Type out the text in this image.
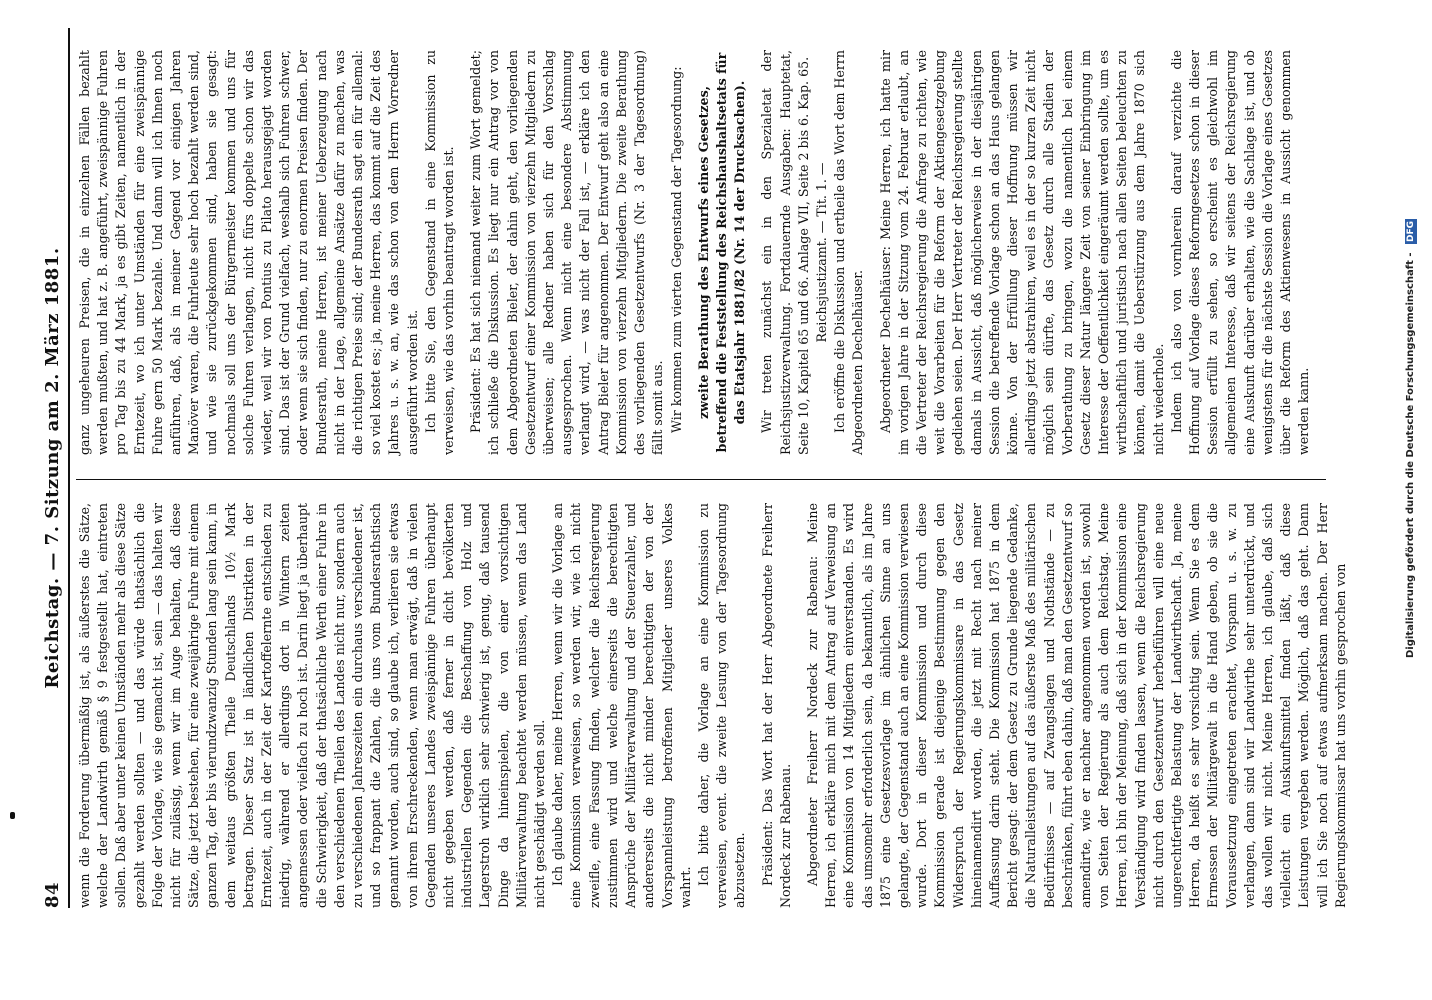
84
Reichstag. — 7. Sitzung am 2. März 1881.

wenn die Forderung übermäßig ist, als äußerstes die Sätze, welche der Landwirth gemäß § 9 festgestellt hat, eintreten sollen. Daß aber unter keinen Umständen mehr als diese Sätze gezahlt werden sollten — und das würde thatsächlich die Folge der Vorlage, wie sie gemacht ist, sein — das halten wir nicht für zulässig, wenn wir im Auge behalten, daß diese Sätze, die jetzt bestehen, für eine zweijährige Fuhre mit einem ganzen Tag, der bis vierundzwanzig Stunden lang sein kann, in dem weitaus größten Theile Deutschlands 10½ Mark betragen. Dieser Satz ist in ländlichen Distrikten in der Erntezeit, auch in der Zeit der Kartoffelernte entschieden zu niedrig, während er allerdings dort in Wintern zeiten angemessen oder vielfach zu hoch ist. Darin liegt ja überhaupt die Schwierigkeit, daß der thatsächliche Werth einer Fuhre in den verschiedenen Theilen des Landes nicht nur, sondern auch zu verschiedenen Jahreszeiten ein durchaus verschiedener ist, und so frappant die Zahlen, die uns vom Bundesrathstisch genannt worden, auch sind, so glaube ich, verlieren sie etwas von ihrem Erschreckenden, wenn man erwägt, daß in vielen Gegenden unseres Landes zweispännige Fuhren überhaupt nicht gegeben werden, daß ferner in dicht bevölkerten industriellen Gegenden die Beschaffung von Holz und Lagerstroh wirklich sehr schwierig ist, genug, daß tausend Dinge da hineinspielen, die von einer vorsichtigen Militärverwaltung beachtet werden müssen, wenn das Land nicht geschädigt werden soll. Ich glaube daher, meine Herren, wenn wir die Vorlage an eine Kommission verweisen, so werden wir, wie ich nicht zweifle, eine Fassung finden, welcher die Reichsregierung zustimmen wird und welche einerseits die berechtigten Ansprüche der Militärverwaltung und der Steuerzahler, und andererseits die nicht minder berechtigten der von der Vorspannleistung betroffenen Mitglieder unseres Volkes wahrt.

Ich bitte daher, die Vorlage an eine Kommission zu verweisen, event. die zweite Lesung von der Tagesordnung abzusetzen. Präsident: Das Wort hat der Herr Abgeordnete Freiherr Nordeck zur Rabenau. Abgeordneter Freiherr Nordeck zur Rabenau: Meine Herren, ich erkläre mich mit dem Antrag auf Verweisung an eine Kommission von 14 Mitgliedern einverstanden. Es wird das umsomehr erforderlich sein, da bekanntlich, als im Jahre 1875 eine Gesetzesvorlage im ähnlichen Sinne an uns gelangte, der Gegenstand auch an eine Kommission verwiesen wurde. Dort in dieser Kommission und durch diese Kommission gerade ist diejenige Bestimmung gegen den Widerspruch der Regierungskommissare in das Gesetz hineinamendirt worden, die jetzt mit Recht nach meiner Auffassung darin steht. Die Kommission hat 1875 in dem Bericht gesagt: der dem Gesetz zu Grunde liegende Gedanke, die Naturalleistungen auf das äußerste Maß des militärischen Bedürfnisses — auf Zwangslagen und Nothstände — zu beschränken, führt eben dahin, daß man den Gesetzentwurf so amendirte, wie er nachher angenommen worden ist, sowohl von Seiten der Regierung als auch dem Reichstag. Meine Herren, ich bin der Meinung, daß sich in der Kommission eine Verständigung wird finden lassen, wenn die Reichsregierung nicht durch den Gesetzentwurf herbeiführen will eine neue ungerechtfertigte Belastung der Landwirthschaft. Ja, meine Herren, da heißt es sehr vorsichtig sein. Wenn Sie es dem Ermessen der Militärgewalt in die Hand geben, ob sie die Voraussetzung eingetreten erachtet, Vorspann u. s. w. zu verlangen, dann sind wir Landwirthe sehr unterdrückt, und das wollen wir nicht. Meine Herren, ich glaube, daß sich vielleicht ein Auskunftsmittel finden läßt, daß diese Leistungen vergeben werden. Möglich, daß das geht. Dann will ich Sie noch auf etwas aufmerksam machen. Der Herr Regierungskommissar hat uns vorhin gesprochen von

ganz ungeheuren Preisen, die in einzelnen Fällen bezahlt werden mußten, und hat z. B. angeführt, zweispännige Fuhren pro Tag bis zu 44 Mark, ja es gibt Zeiten, namentlich in der Erntezeit, wo ich unter Umständen für eine zweispännige Fuhre gern 50 Mark bezahle. Und dann will ich Ihnen noch anführen, daß, als in meiner Gegend vor einigen Jahren Manöver waren, die Fuhrleute sehr hoch bezahlt werden sind, und wie sie zurückgekommen sind, haben sie gesagt: nochmals soll uns der Bürgermeister kommen und uns für solche Fuhren verlangen, nicht fürs doppelte schon wir das wieder, weil wir von Pontius zu Pilato herausgejagt worden sind. Das ist der Grund vielfach, weshalb sich Fuhren schwer, oder wenn sie sich finden, nur zu enormen Preisen finden. Der Bundesrath, meine Herren, ist meiner Ueberzeugung nach nicht in der Lage, allgemeine Ansätze dafür zu machen, was die richtigen Preise sind; der Bundesrath sagt ein für allemal: so viel kostet es; ja, meine Herren, das kommt auf die Zeit des Jahres u. s. w. an, wie das schon von dem Herrn Vorredner ausgeführt worden ist. Ich bitte Sie, den Gegenstand in eine Kommission zu verweisen, wie das vorhin beantragt worden ist. Präsident: Es hat sich niemand weiter zum Wort gemeldet; ich schließe die Diskussion. Es liegt nur ein Antrag vor von dem Abgeordneten Bieler, der dahin geht, den vorliegenden Gesetzentwurf einer Kommission von vierzehn Mitgliedern zu überweisen; alle Redner haben sich für den Vorschlag ausgesprochen. Wenn nicht eine besondere Abstimmung verlangt wird, — was nicht der Fall ist, — erkläre ich den Antrag Bieler für angenommen. Der Entwurf geht also an eine Kommission von vierzehn Mitgliedern. Die zweite Berathung des vorliegenden Gesetzentwurfs (Nr. 3 der Tagesordnung) fällt somit aus. Wir kommen zum vierten Gegenstand der Tagesordnung: zweite Berathung des Entwurfs eines Gesetzes, betreffend die Feststellung des Reichshaushaltsetats für das Etatsjahr 1881/82 (Nr. 14 der Drucksachen). Wir treten zunächst ein in den Spezialetat der Reichsjustizverwaltung. Fortdauernde Ausgaben: Hauptetat, Seite 10, Kapitel 65 und 66. Anlage VII, Seite 2 bis 6. Kap. 65. Reichsjustizamt. — Tit. 1. — Ich eröffne die Diskussion und ertheile das Wort dem Herrn Abgeordneten Dechelhäuser. Abgeordneter Dechelhäuser: Meine Herren, ich hatte mir im vorigen Jahre in der Sitzung vom 24. Februar erlaubt, an die Vertreter der Reichsregierung die Anfrage zu richten, wie weit die Vorarbeiten für die Reform der Aktiengesetzgebung gediehen seien. Der Herr Vertreter der Reichsregierung stellte damals in Aussicht, daß möglicherweise in der diesjährigen Session die betreffende Vorlage schon an das Haus gelangen könne. Von der Erfüllung dieser Hoffnung müssen wir allerdings jetzt abstrahiren, weil es in der so kurzen Zeit nicht möglich sein dürfte, das Gesetz durch alle Stadien der Vorberathung zu bringen, wozu die namentlich bei einem Gesetz dieser Natur längere Zeit von seiner Einbringung im Interesse der Oeffentlichkeit eingeräumt werden sollte, um es wirthschaftlich und juristisch nach allen Seiten beleuchten zu können, damit die Ueberstürzung aus dem Jahre 1870 sich nicht wiederhole. Indem ich also von vornherein darauf verzichte die Hoffnung auf Vorlage dieses Reformgesetzes schon in dieser Session erfüllt zu sehen, so erscheint es gleichwohl im allgemeinen Interesse, daß wir seitens der Reichsregierung eine Auskunft darüber erhalten, wie die Sachlage ist, und ob wenigstens für die nächste Session die Vorlage eines Gesetzes über die Reform des Aktienwesens in Aussicht genommen werden kann.	Digitalisierung gefördert durch die Deutsche Forschungsgemeinschaft - DFG
